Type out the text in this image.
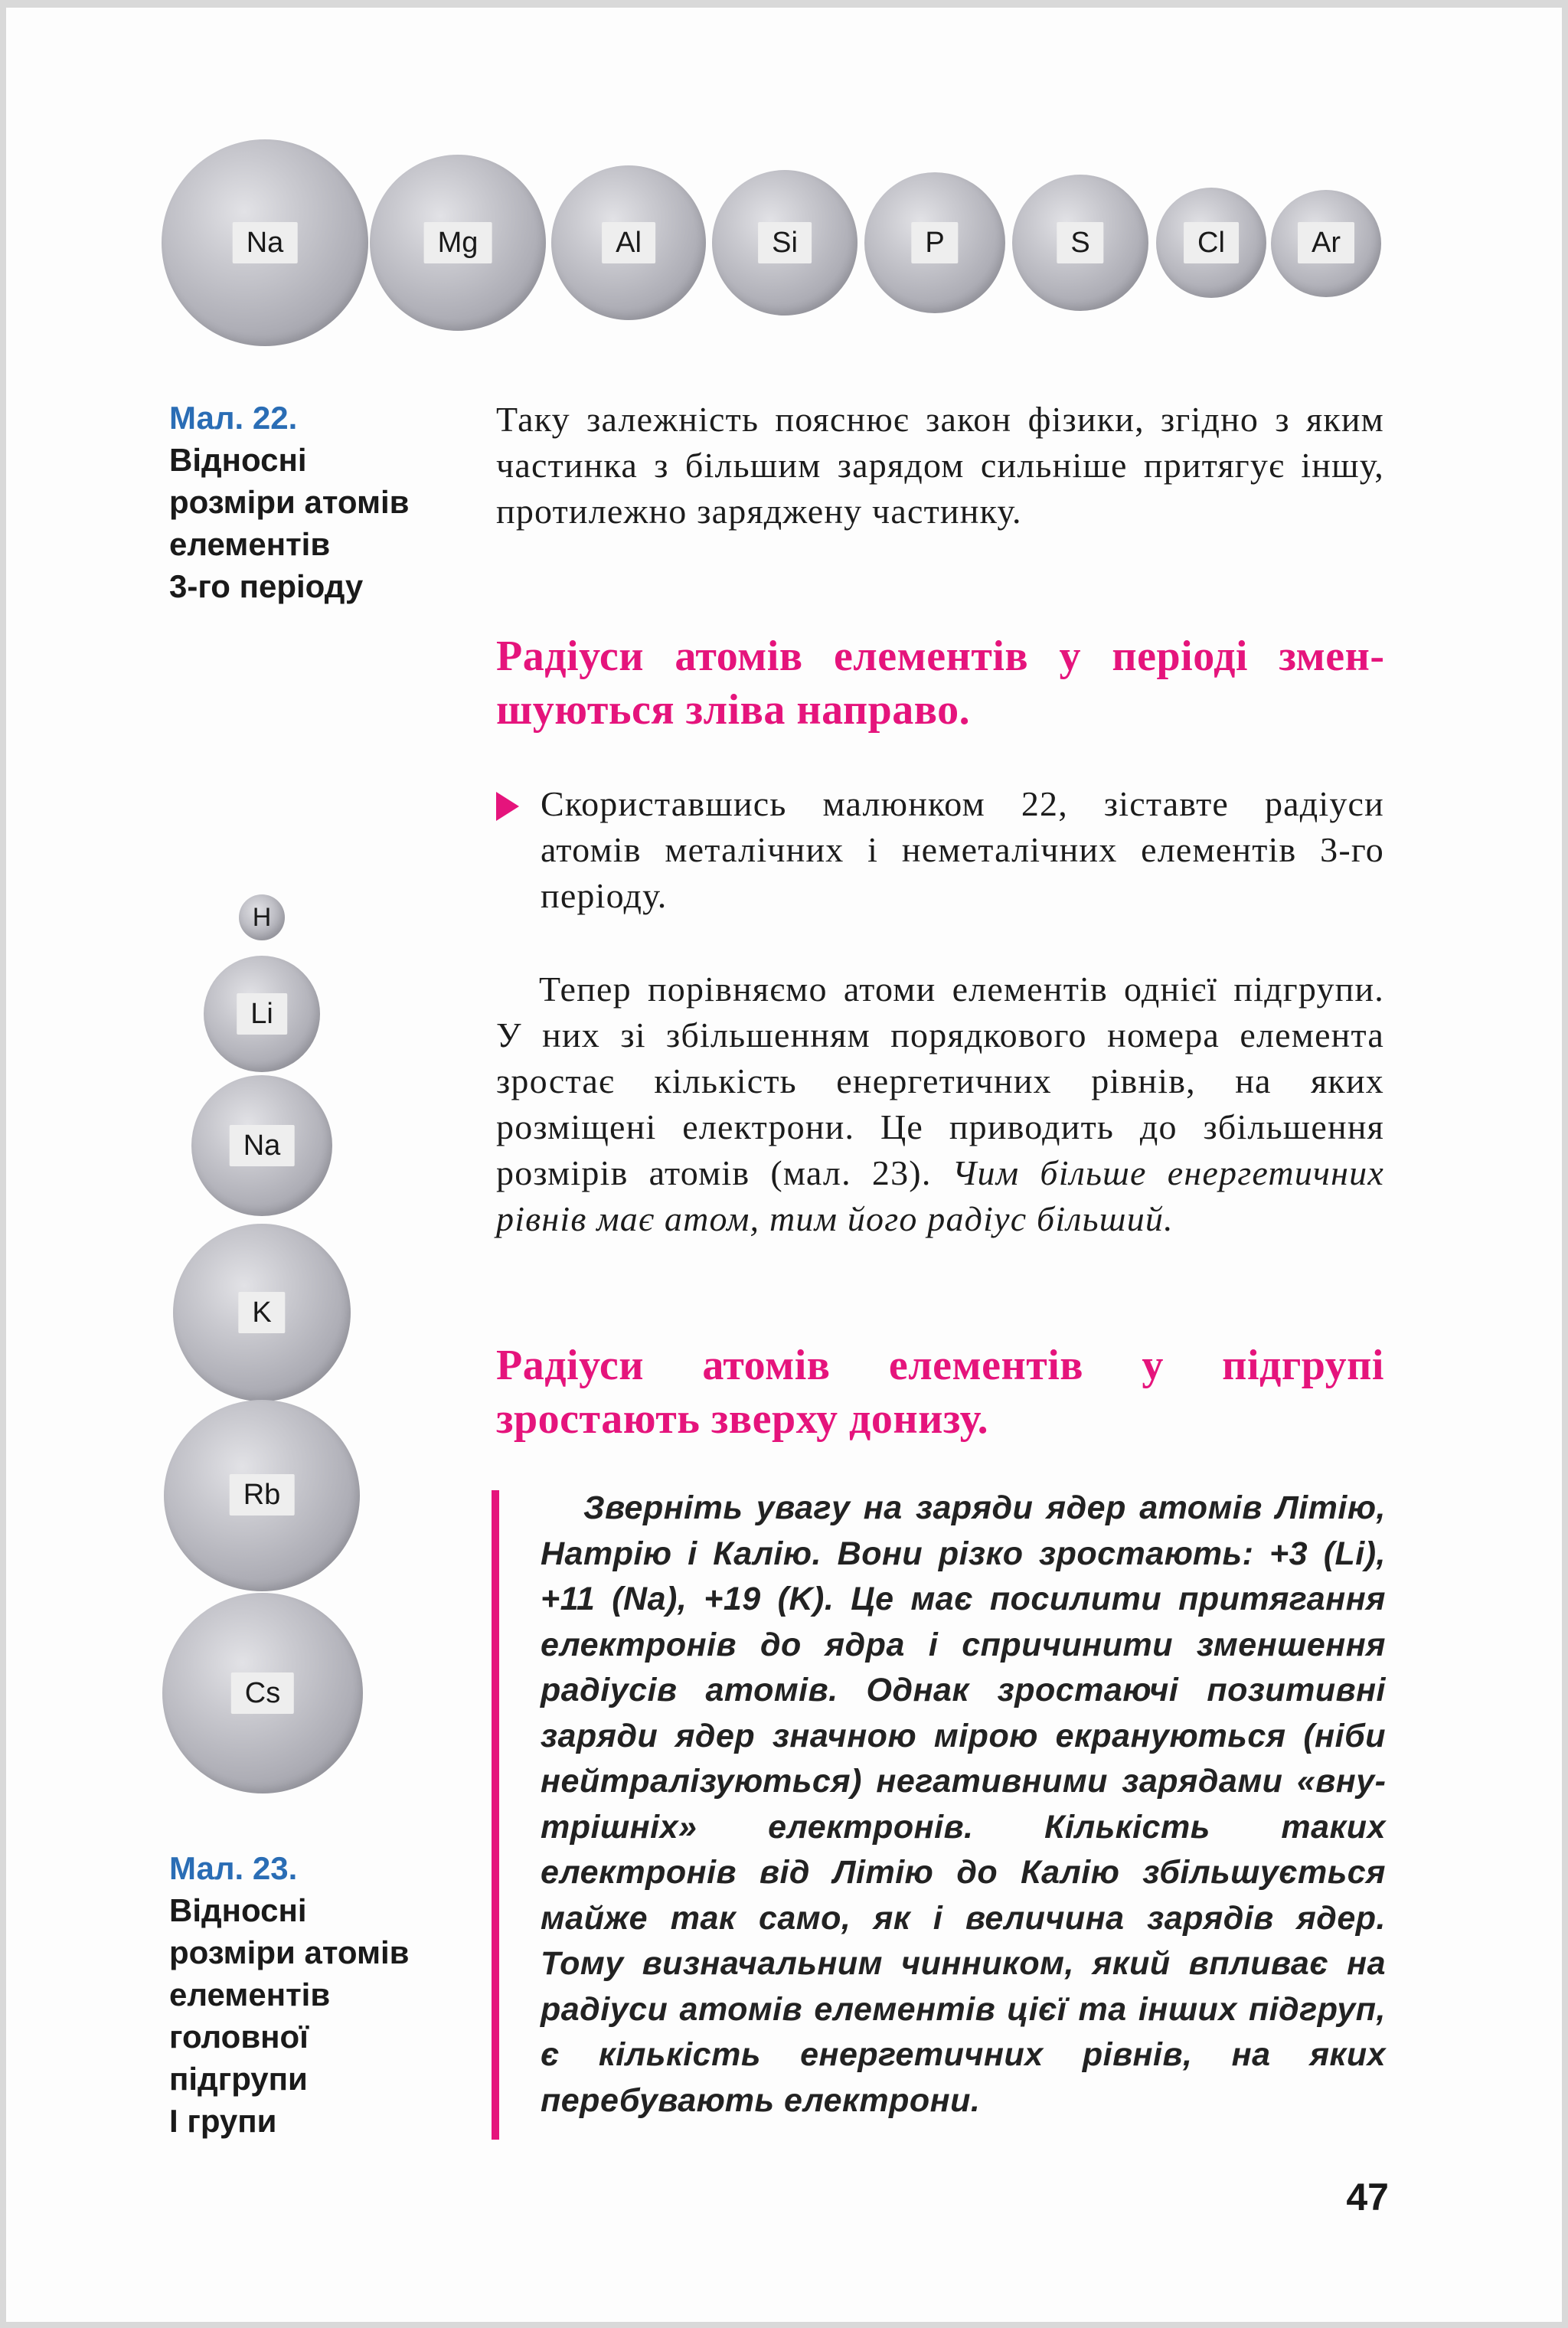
Na	Mg	Al	Si	P	S	Cl	Ar
Мал. 22.
Відносні
розміри атомів
елементів
3-го періоду
H
Li
Na
K
Rb
Cs
Мал. 23.
Відносні
розміри атомів
елементів
головної
підгрупи
I групи
Таку залежність пояснює закон фізики, згідно з яким частинка з більшим зарядом сильніше притягує іншу, протилежно заряджену частинку.
Радіуси атомів елементів у періоді зменшуються зліва направо.
Скориставшись малюнком 22, зіставте радіуси атомів металічних і неметалічних елементів 3-го періоду.
Тепер порівняємо атоми елементів однієї підгрупи. У них зі збільшенням порядкового номера елемента зростає кількість енергетичних рівнів, на яких розміщені електрони. Це приводить до збільшення розмірів атомів (мал. 23). Чим більше енергетичних рівнів має атом, тим його радіус більший.
Радіуси атомів елементів у підгрупі зростають зверху донизу.
Зверніть увагу на заряди ядер атомів Літію, Натрію і Калію. Вони різко зростають: +3 (Li), +11 (Na), +19 (K). Це має посилити притягання електронів до ядра і спричинити зменшення радіусів атомів. Однак зростаючі позитивні заряди ядер значною мірою екрануються (ніби нейтралізуються) негативними зарядами «внутрішніх» електронів. Кількість таких електронів від Літію до Калію збільшується майже так само, як і величина зарядів ядер. Тому визначальним чинником, який впливає на радіуси атомів елементів цієї та інших підгруп, є кількість енергетичних рівнів, на яких перебувають електрони.
47
